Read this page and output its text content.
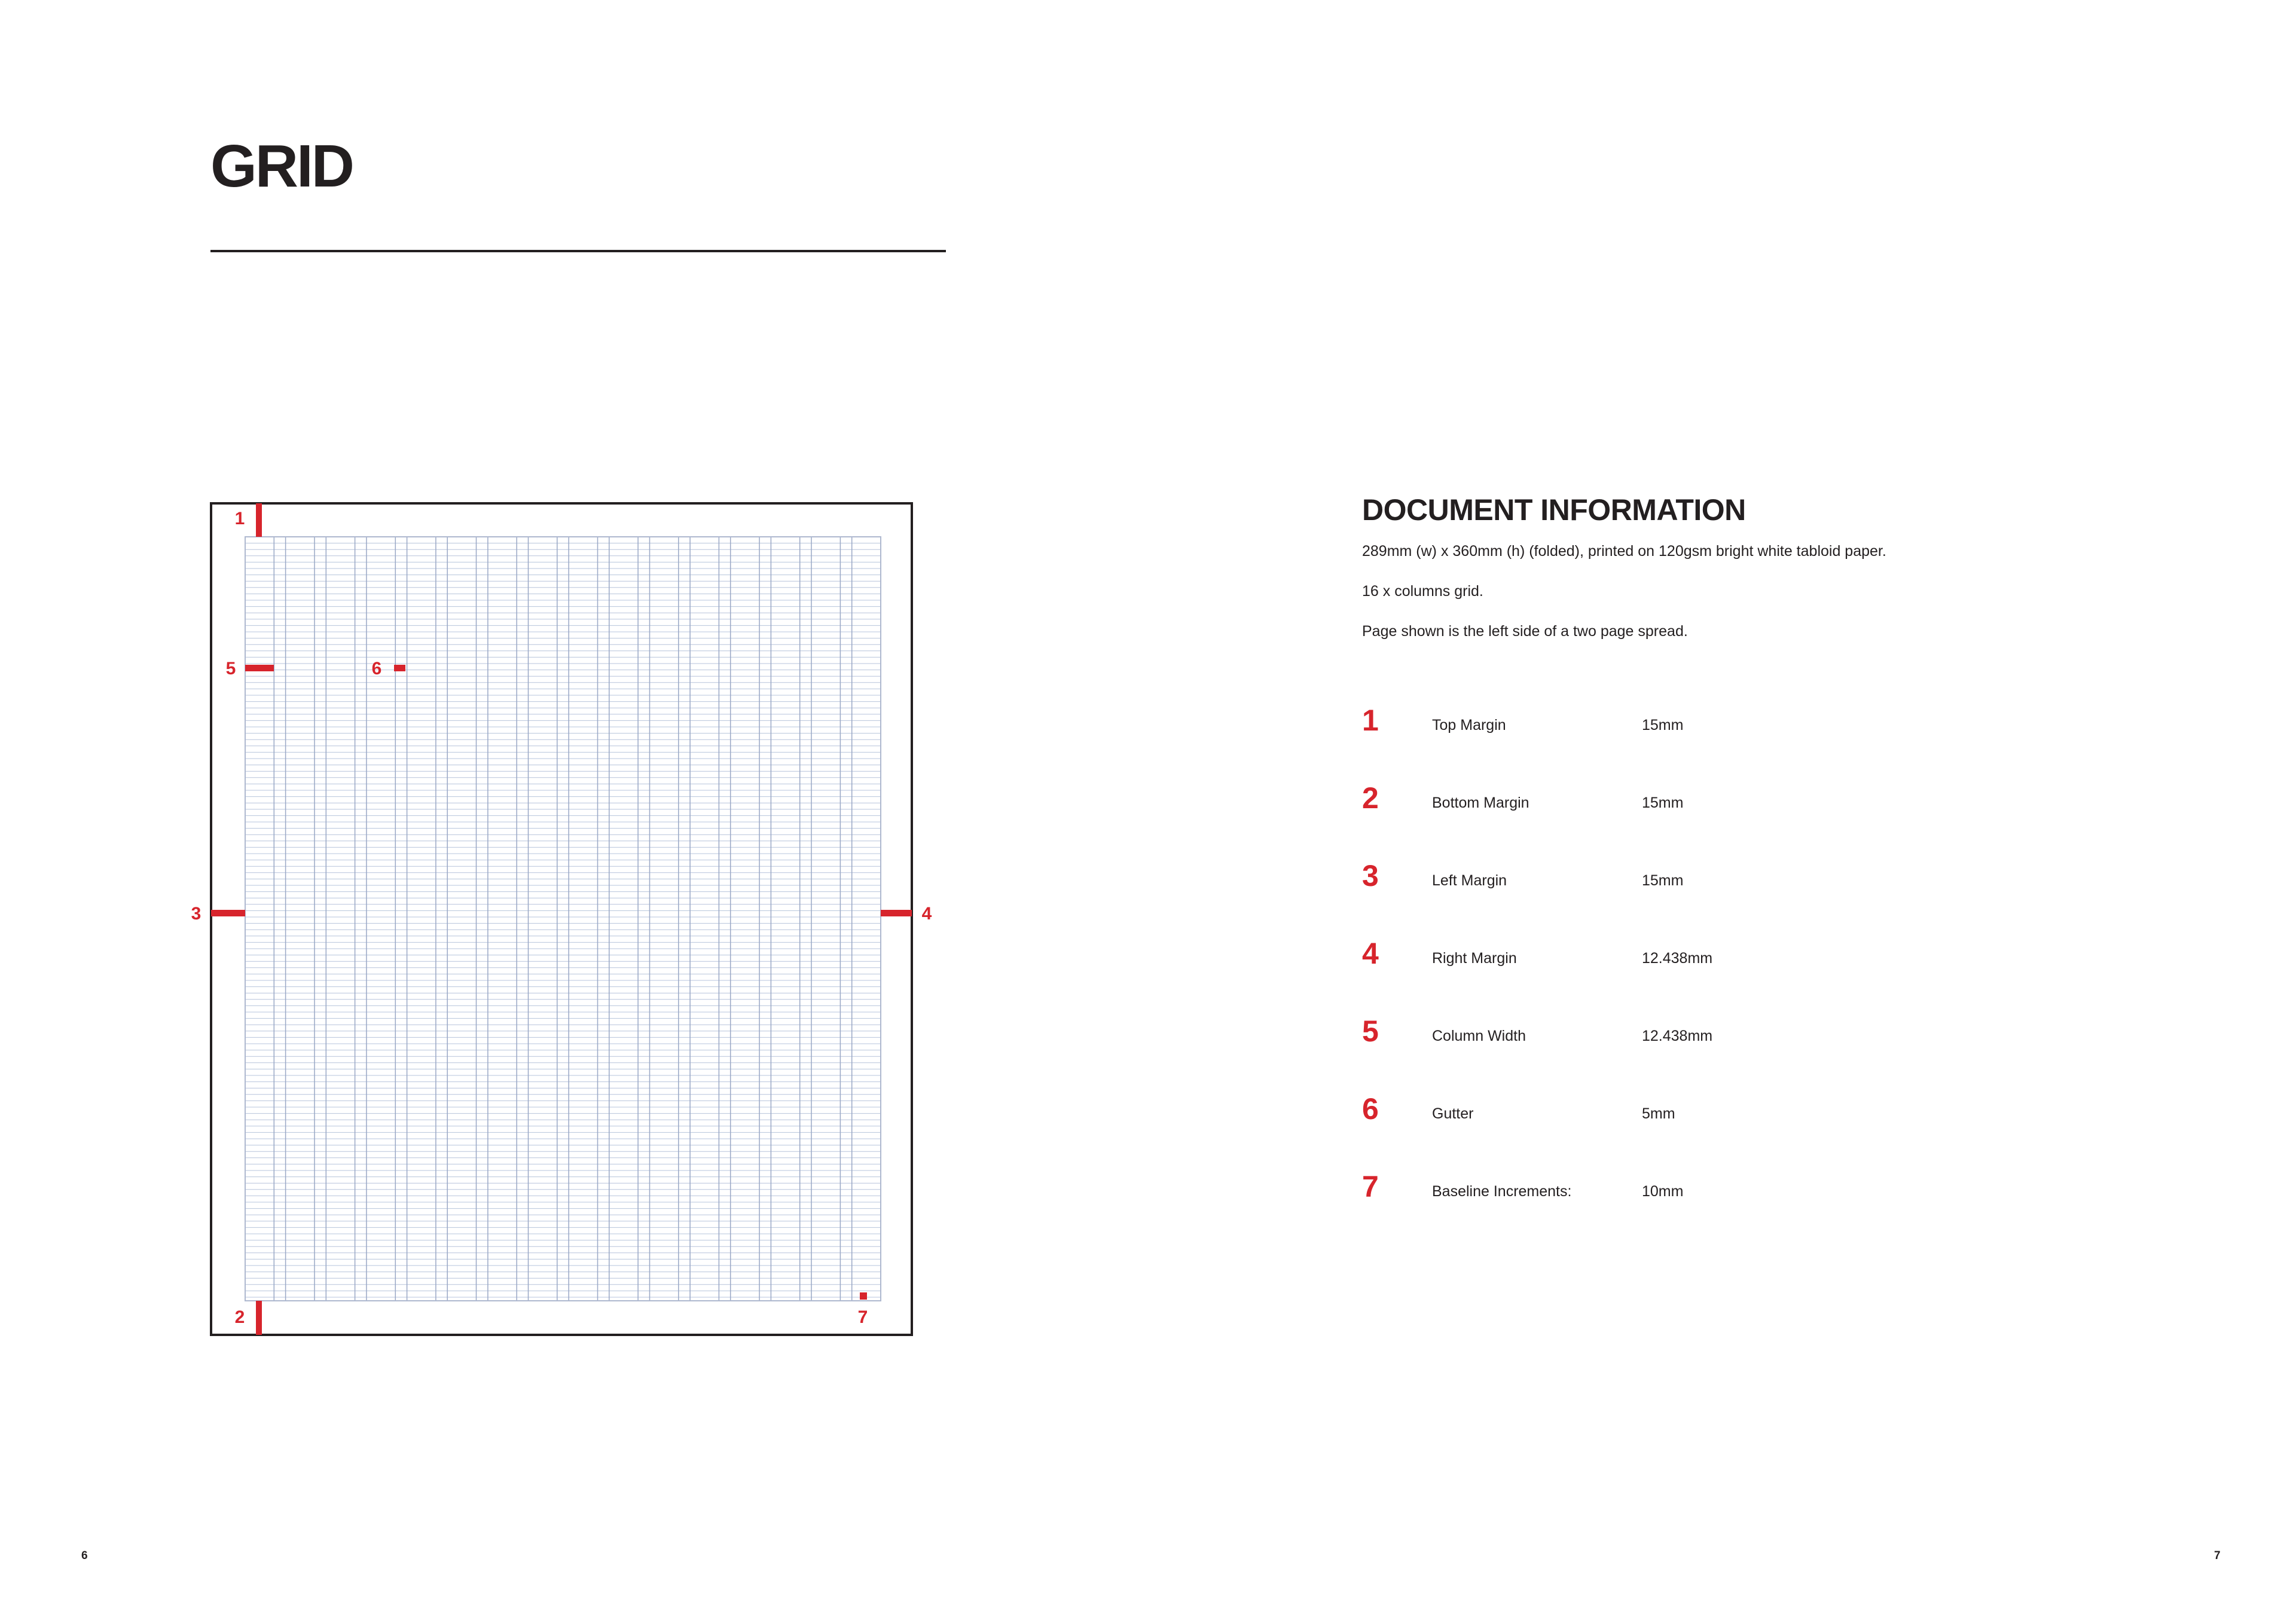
GRID
1
2
3	4
5	6
7
DOCUMENT INFORMATION

289mm (w) x 360mm (h) (folded), printed on 120gsm bright white tabloid paper.

16 x columns grid.

Page shown is the left side of a two page spread.

1	Top Margin	15mm
2	Bottom Margin	15mm
3	Left Margin	15mm
4	Right Margin	12.438mm
5	Column Width	12.438mm
6	Gutter	5mm
7	Baseline Increments:	10mm
6	7
